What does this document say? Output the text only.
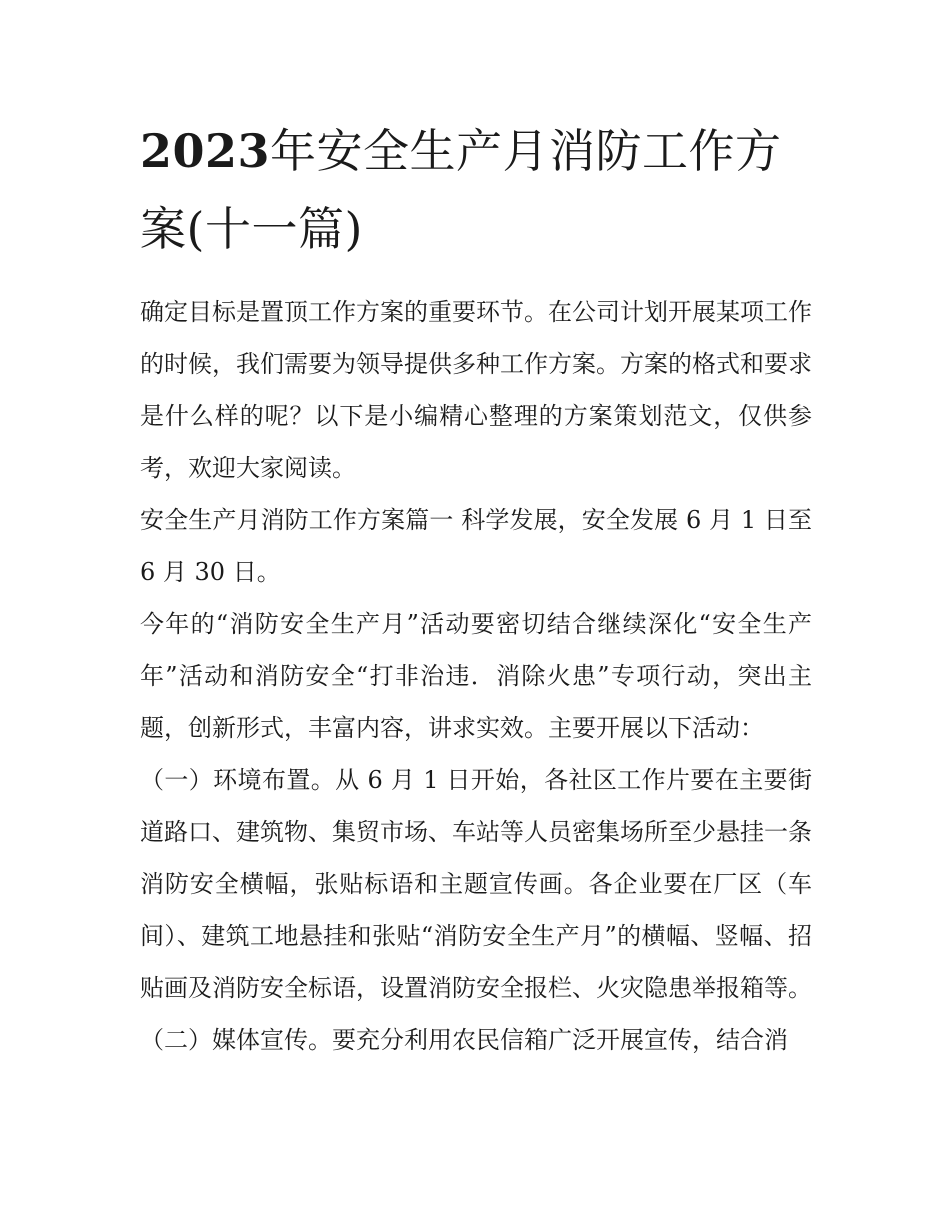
2023年安全生产月消防工作方案(十一篇)

确定目标是置顶工作方案的重要环节。在公司计划开展某项工作的时候，我们需要为领导提供多种工作方案。方案的格式和要求是什么样的呢？以下是小编精心整理的方案策划范文，仅供参考，欢迎大家阅读。

安全生产月消防工作方案篇一 科学发展，安全发展 6 月 1 日至 6 月 30 日。

今年的“消防安全生产月”活动要密切结合继续深化“安全生产年”活动和消防安全“打非治违．消除火患”专项行动，突出主题，创新形式，丰富内容，讲求实效。主要开展以下活动：

（一）环境布置。从 6 月 1 日开始，各社区工作片要在主要街道路口、建筑物、集贸市场、车站等人员密集场所至少悬挂一条消防安全横幅，张贴标语和主题宣传画。各企业要在厂区（车间）、建筑工地悬挂和张贴“消防安全生产月”的横幅、竖幅、招贴画及消防安全标语，设置消防安全报栏、火灾隐患举报箱等。

（二）媒体宣传。要充分利用农民信箱广泛开展宣传，结合消
